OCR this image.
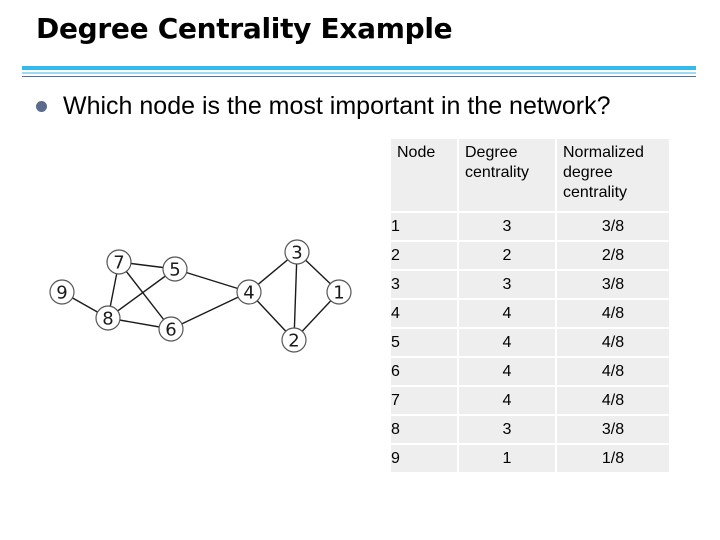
Degree Centrality Example
Which node is the most important in the network?
1
2
3
4
5
6
7
8
9
Node	Degree centrality	Normalized degree centrality
1	3	3/8
2	2	2/8
3	3	3/8
4	4	4/8
5	4	4/8
6	4	4/8
7	4	4/8
8	3	3/8
9	1	1/8
